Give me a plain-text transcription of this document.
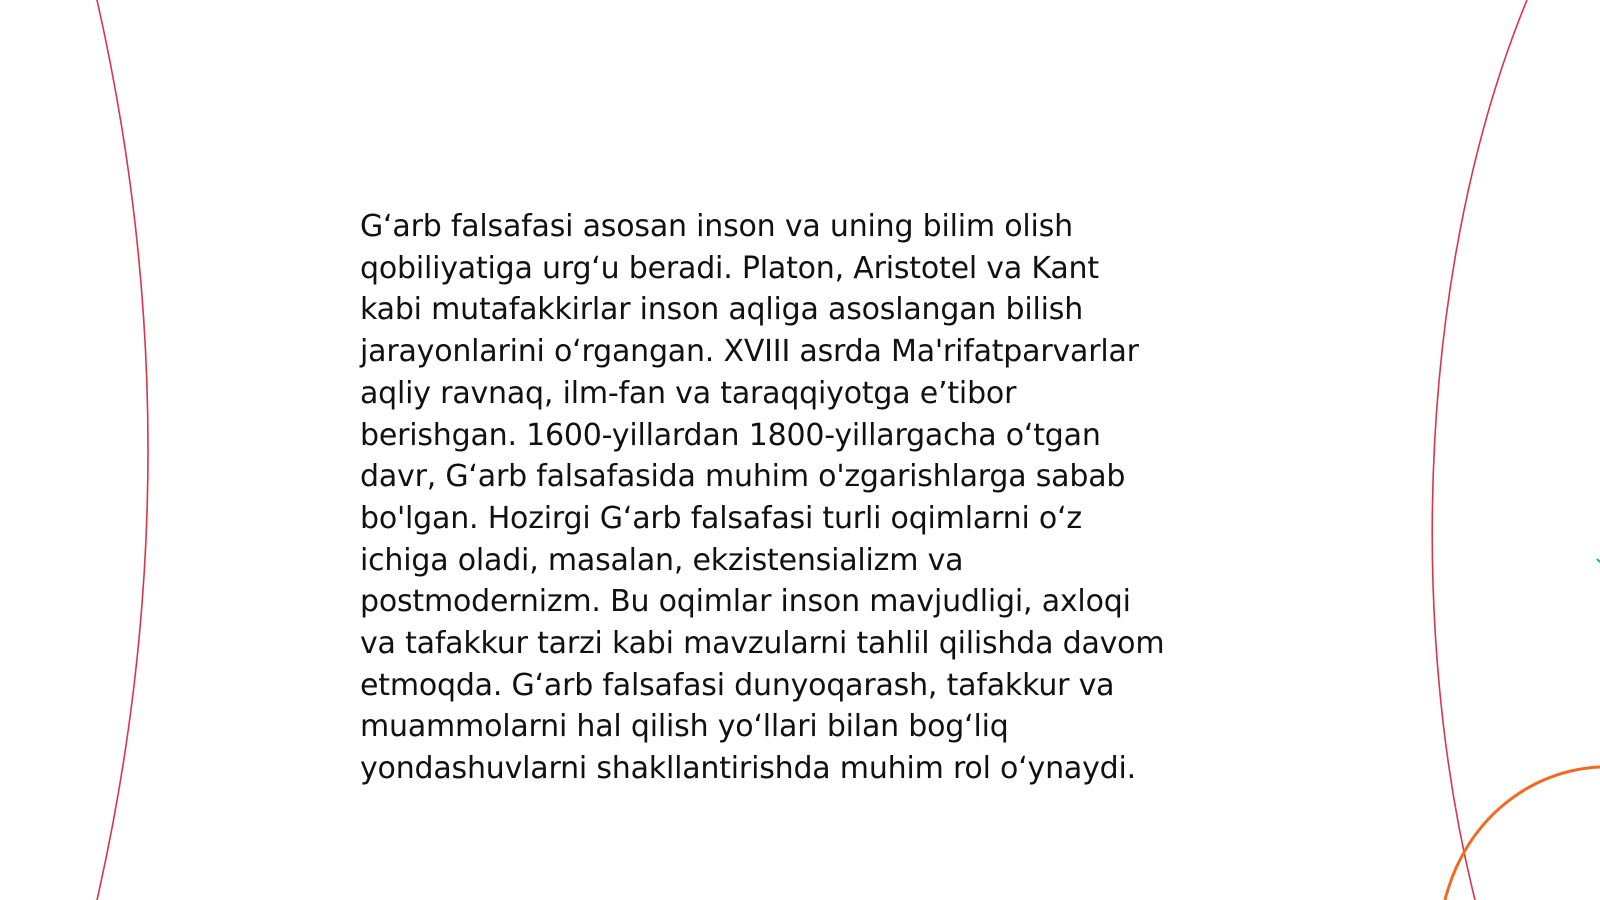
G‘arb falsafasi asosan inson va uning bilim olish
qobiliyatiga urg‘u beradi. Platon, Aristotel va Kant
kabi mutafakkirlar inson aqliga asoslangan bilish
jarayonlarini o‘rgangan. XVIII asrda Ma'rifatparvarlar
aqliy ravnaq, ilm-fan va taraqqiyotga e’tibor
berishgan. 1600-yillardan 1800-yillargacha o‘tgan
davr, G‘arb falsafasida muhim o'zgarishlarga sabab
bo'lgan. Hozirgi G‘arb falsafasi turli oqimlarni o‘z
ichiga oladi, masalan, ekzistensializm va
postmodernizm. Bu oqimlar inson mavjudligi, axloqi
va tafakkur tarzi kabi mavzularni tahlil qilishda davom
etmoqda. G‘arb falsafasi dunyoqarash, tafakkur va
muammolarni hal qilish yo‘llari bilan bog‘liq
yondashuvlarni shakllantirishda muhim rol o‘ynaydi.
